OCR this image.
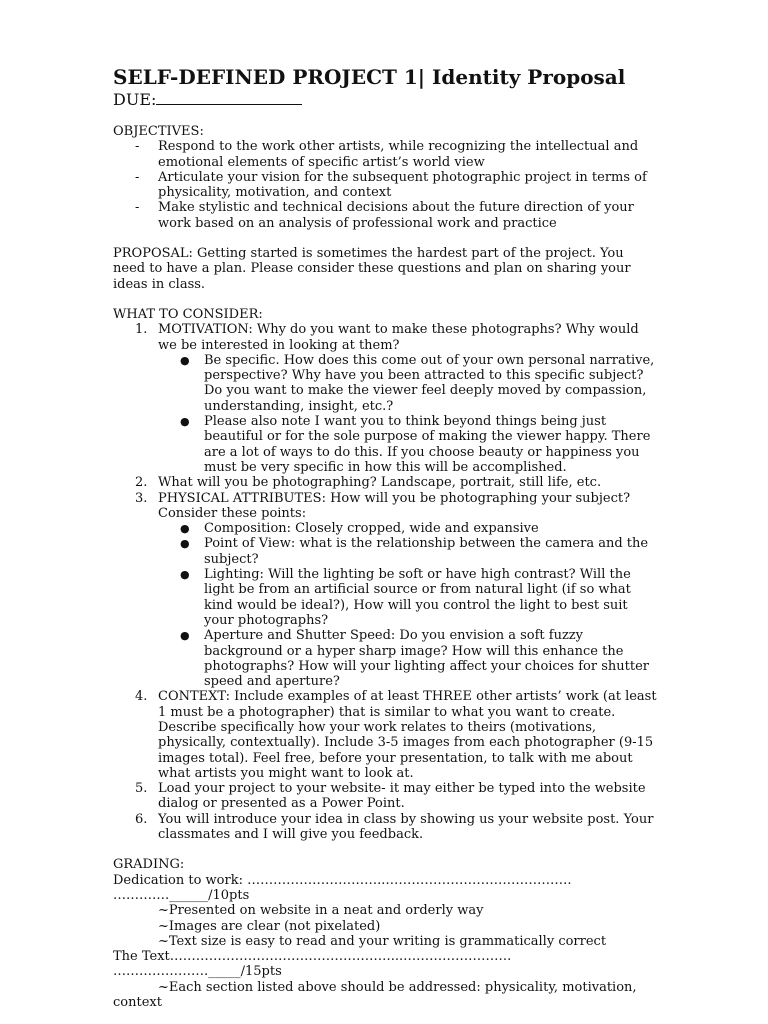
SELF-DEFINED PROJECT 1| Identity Proposal
DUE:

OBJECTIVES:

- Respond to the work other artists, while recognizing the intellectual and emotional elements of specific artist’s world view
- Articulate your vision for the subsequent photographic project in terms of physicality, motivation, and context
- Make stylistic and technical decisions about the future direction of your work based on an analysis of professional work and practice

PROPOSAL: Getting started is sometimes the hardest part of the project. You need to have a plan. Please consider these questions and plan on sharing your ideas in class.

WHAT TO CONSIDER:

1. MOTIVATION: Why do you want to make these photographs? Why would we be interested in looking at them?
● Be specific. How does this come out of your own personal narrative, perspective? Why have you been attracted to this specific subject? Do you want to make the viewer feel deeply moved by compassion, understanding, insight, etc.?
● Please also note I want you to think beyond things being just beautiful or for the sole purpose of making the viewer happy. There are a lot of ways to do this. If you choose beauty or happiness you must be very specific in how this will be accomplished.
2. What will you be photographing? Landscape, portrait, still life, etc.
3. PHYSICAL ATTRIBUTES: How will you be photographing your subject? Consider these points:
● Composition: Closely cropped, wide and expansive
● Point of View: what is the relationship between the camera and the subject?
● Lighting: Will the lighting be soft or have high contrast? Will the light be from an artificial source or from natural light (if so what kind would be ideal?), How will you control the light to best suit your photographs?
● Aperture and Shutter Speed: Do you envision a soft fuzzy background or a hyper sharp image? How will this enhance the photographs? How will your lighting affect your choices for shutter speed and aperture?
4. CONTEXT: Include examples of at least THREE other artists’ work (at least 1 must be a photographer) that is similar to what you want to create. Describe specifically how your work relates to theirs (motivations, physically, contextually). Include 3-5 images from each photographer (9-15 images total). Feel free, before your presentation, to talk with me about what artists you might want to look at.
5. Load your project to your website- it may either be typed into the website dialog or presented as a Power Point.
6. You will introduce your idea in class by showing us your website post. Your classmates and I will give you feedback.

GRADING:

Dedication to work: …………………………..…………………………………….

………….______/10pts

~Presented on website in a neat and orderly way

~Images are clear (not pixelated)

~Text size is easy to read and your writing is grammatically correct

The Text……………………………………………...…………………….

…………………._____/15pts

~Each section listed above should be addressed: physicality, motivation,

context
